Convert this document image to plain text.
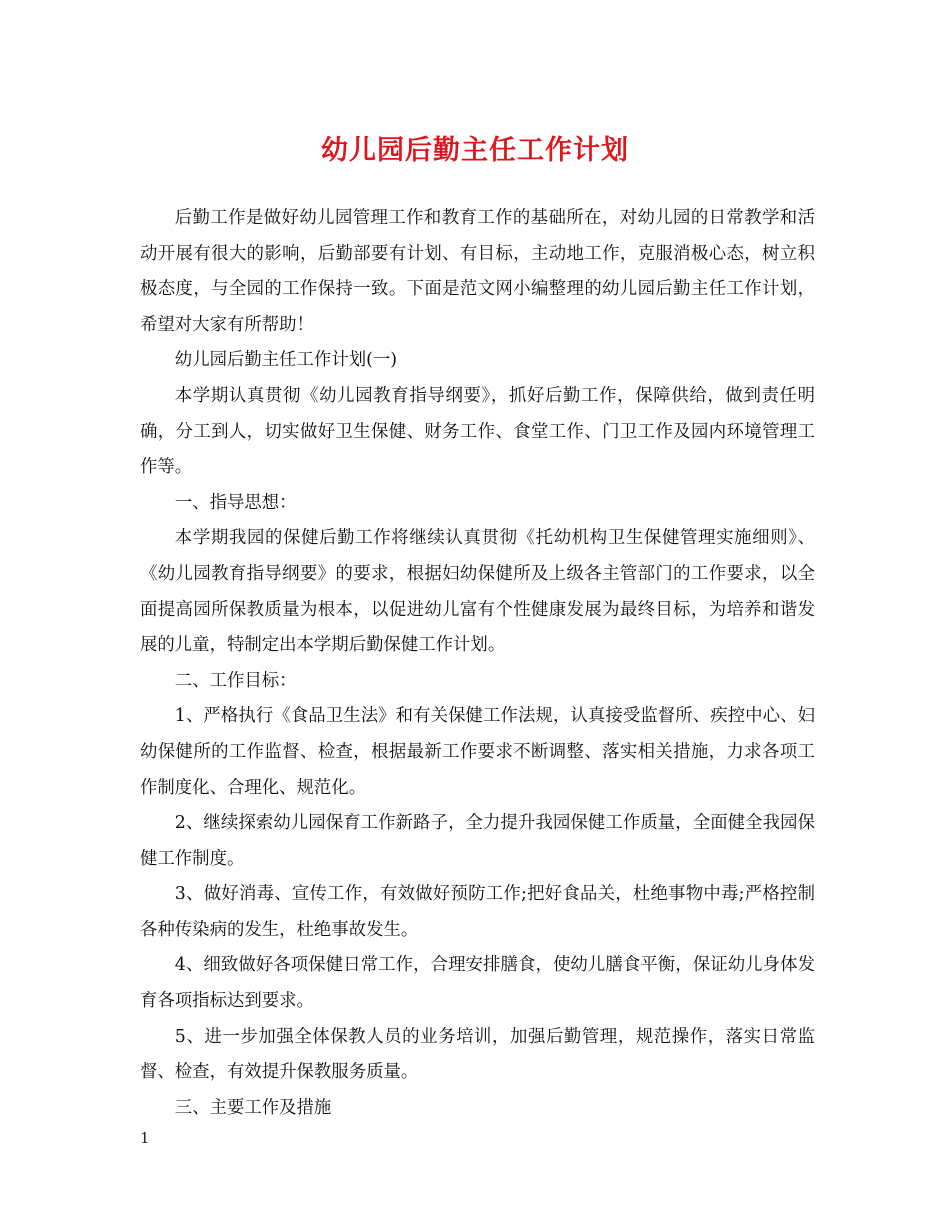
幼儿园后勤主任工作计划

后勤工作是做好幼儿园管理工作和教育工作的基础所在，对幼儿园的日常教学和活动开展有很大的影响，后勤部要有计划、有目标，主动地工作，克服消极心态，树立积极态度，与全园的工作保持一致。下面是范文网小编整理的幼儿园后勤主任工作计划，希望对大家有所帮助！

幼儿园后勤主任工作计划(一)

本学期认真贯彻《幼儿园教育指导纲要》，抓好后勤工作，保障供给，做到责任明确，分工到人，切实做好卫生保健、财务工作、食堂工作、门卫工作及园内环境管理工作等。

一、指导思想：

本学期我园的保健后勤工作将继续认真贯彻《托幼机构卫生保健管理实施细则》、《幼儿园教育指导纲要》的要求，根据妇幼保健所及上级各主管部门的工作要求，以全面提高园所保教质量为根本，以促进幼儿富有个性健康发展为最终目标，为培养和谐发展的儿童，特制定出本学期后勤保健工作计划。

二、工作目标：

1、严格执行《食品卫生法》和有关保健工作法规，认真接受监督所、疾控中心、妇幼保健所的工作监督、检查，根据最新工作要求不断调整、落实相关措施，力求各项工作制度化、合理化、规范化。

2、继续探索幼儿园保育工作新路子，全力提升我园保健工作质量，全面健全我园保健工作制度。

3、做好消毒、宣传工作，有效做好预防工作;把好食品关，杜绝事物中毒;严格控制各种传染病的发生，杜绝事故发生。

4、细致做好各项保健日常工作，合理安排膳食，使幼儿膳食平衡，保证幼儿身体发育各项指标达到要求。

5、进一步加强全体保教人员的业务培训，加强后勤管理，规范操作，落实日常监督、检查，有效提升保教服务质量。

三、主要工作及措施

1
